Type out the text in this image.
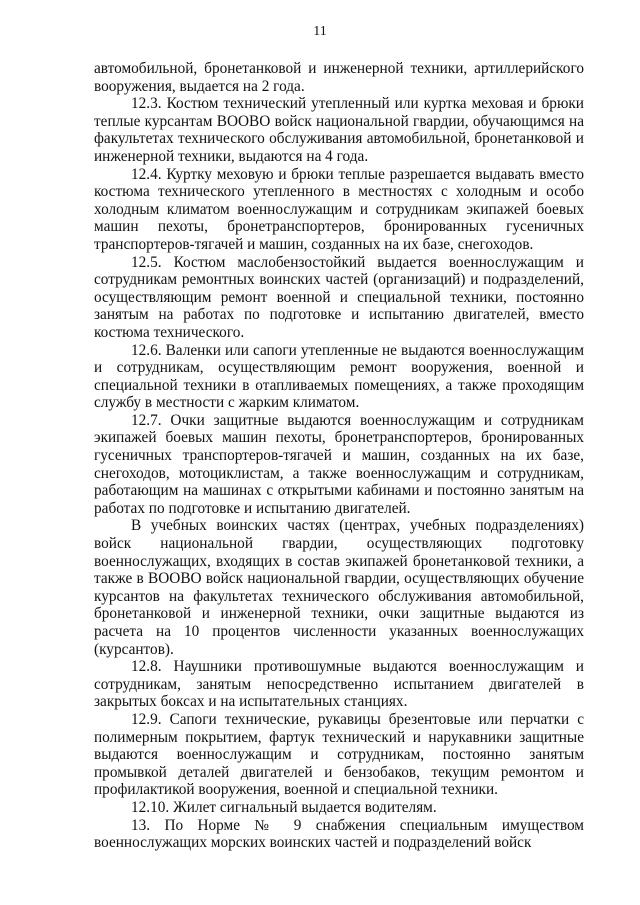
11

автомобильной, бронетанковой и инженерной техники, артиллерийского вооружения, выдается на 2 года.

12.3. Костюм технический утепленный или куртка меховая и брюки теплые курсантам ВООВО войск национальной гвардии, обучающимся на факультетах технического обслуживания автомобильной, бронетанковой и инженерной техники, выдаются на 4 года.

12.4. Куртку меховую и брюки теплые разрешается выдавать вместо костюма технического утепленного в местностях с холодным и особо холодным климатом военнослужащим и сотрудникам экипажей боевых машин пехоты, бронетранспортеров, бронированных гусеничных транспортеров-тягачей и машин, созданных на их базе, снегоходов.

12.5. Костюм маслобензостойкий выдается военнослужащим и сотрудникам ремонтных воинских частей (организаций) и подразделений, осуществляющим ремонт военной и специальной техники, постоянно занятым на работах по подготовке и испытанию двигателей, вместо костюма технического.

12.6. Валенки или сапоги утепленные не выдаются военнослужащим и сотрудникам, осуществляющим ремонт вооружения, военной и специальной техники в отапливаемых помещениях, а также проходящим службу в местности с жарким климатом.

12.7. Очки защитные выдаются военнослужащим и сотрудникам экипажей боевых машин пехоты, бронетранспортеров, бронированных гусеничных транспортеров-тягачей и машин, созданных на их базе, снегоходов, мотоциклистам, а также военнослужащим и сотрудникам, работающим на машинах с открытыми кабинами и постоянно занятым на работах по подготовке и испытанию двигателей.

В учебных воинских частях (центрах, учебных подразделениях) войск национальной гвардии, осуществляющих подготовку военнослужащих, входящих в состав экипажей бронетанковой техники, а также в ВООВО войск национальной гвардии, осуществляющих обучение курсантов на факультетах технического обслуживания автомобильной, бронетанковой и инженерной техники, очки защитные выдаются из расчета на 10 процентов численности указанных военнослужащих (курсантов).

12.8. Наушники противошумные выдаются военнослужащим и сотрудникам, занятым непосредственно испытанием двигателей в закрытых боксах и на испытательных станциях.

12.9. Сапоги технические, рукавицы брезентовые или перчатки с полимерным покрытием, фартук технический и нарукавники защитные выдаются военнослужащим и сотрудникам, постоянно занятым промывкой деталей двигателей и бензобаков, текущим ремонтом и профилактикой вооружения, военной и специальной техники.

12.10. Жилет сигнальный выдается водителям.

13. По Норме № 9 снабжения специальным имуществом военнослужащих морских воинских частей и подразделений войск
